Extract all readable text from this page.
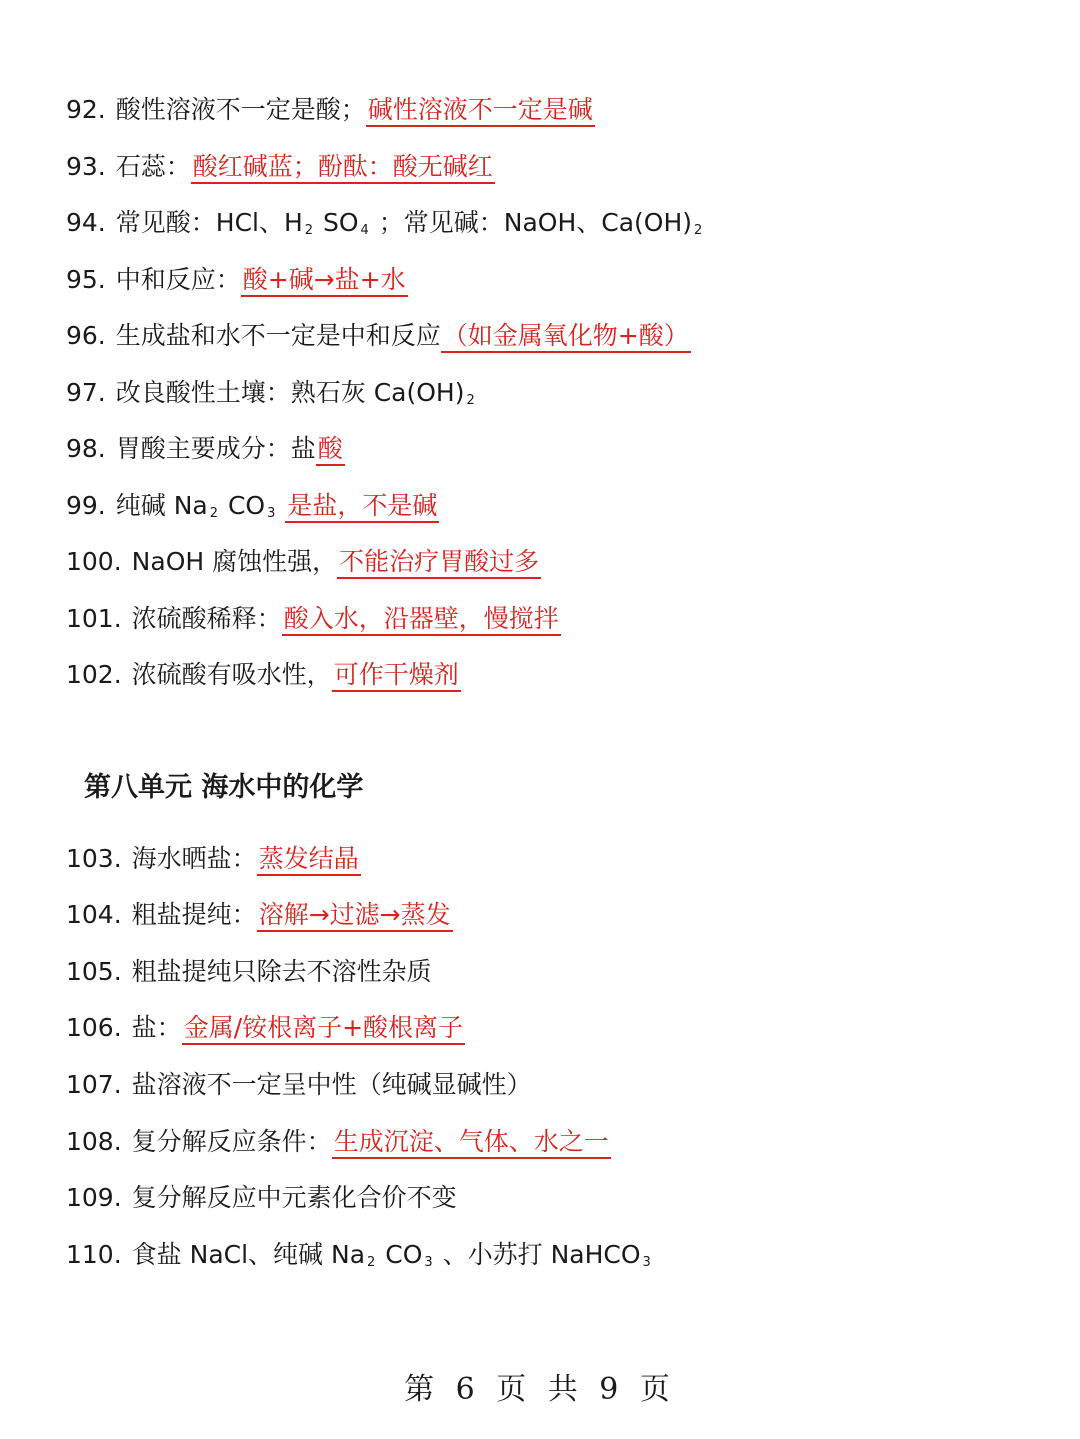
92. 酸性溶液不一定是酸；碱性溶液不一定是碱
93. 石蕊：酸红碱蓝；酚酞：酸无碱红
94. 常见酸：HCl、H $_2$ SO $_4$ ；常见碱：NaOH、Ca(OH) $_2$
95. 中和反应：酸+碱→盐+水
96. 生成盐和水不一定是中和反应（如金属氧化物+酸）
97. 改良酸性土壤：熟石灰 Ca(OH) $_2$
98. 胃酸主要成分：盐酸
99. 纯碱 Na $_2$ CO $_3$ 是盐，不是碱
100. NaOH 腐蚀性强，不能治疗胃酸过多
101. 浓硫酸稀释：酸入水，沿器壁，慢搅拌
102. 浓硫酸有吸水性，可作干燥剂
第八单元 海水中的化学
103. 海水晒盐：蒸发结晶
104. 粗盐提纯：溶解→过滤→蒸发
105. 粗盐提纯只除去不溶性杂质
106. 盐：金属/铵根离子+酸根离子
107. 盐溶液不一定呈中性（纯碱显碱性）
108. 复分解反应条件：生成沉淀、气体、水之一
109. 复分解反应中元素化合价不变
110. 食盐 NaCl、纯碱 Na $_2$ CO $_3$ 、小苏打 NaHCO $_3$
第 6 页 共 9 页
